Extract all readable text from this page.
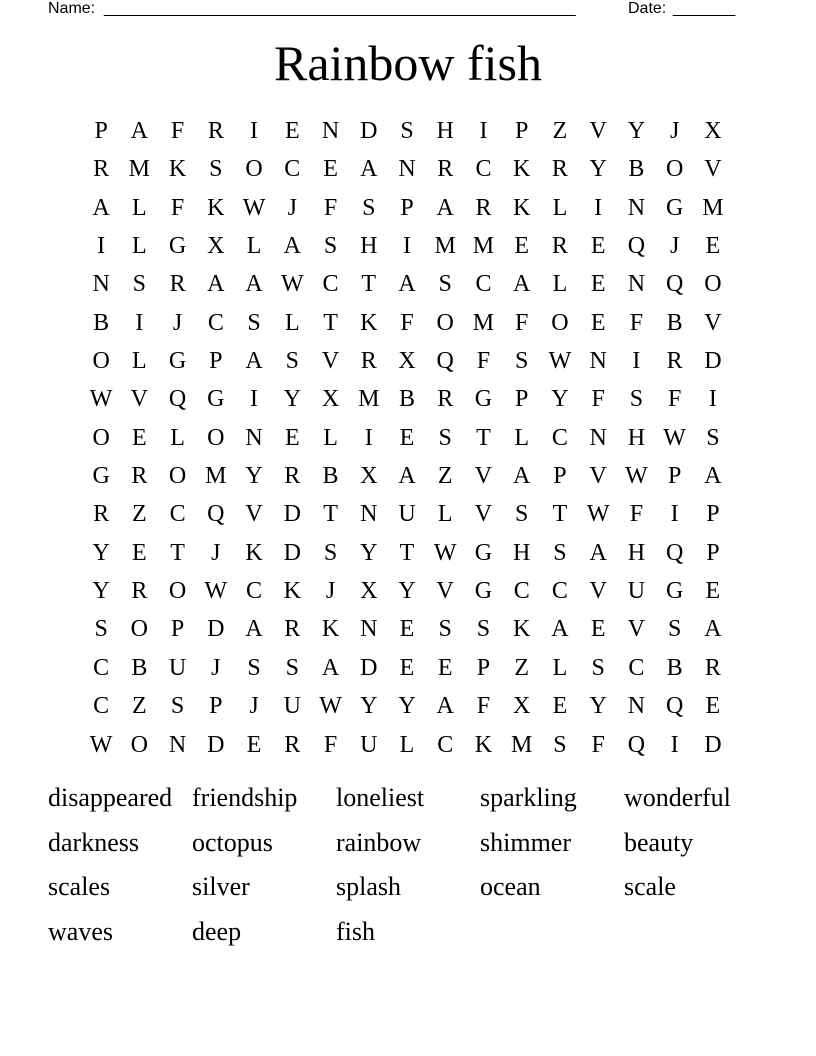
Name: _____________________________________________________	Date: _______
Rainbow fish
P A F R	I	E N D S H	I	P	Z V Y	J	X
R M K S O C E A N R C K R Y B O V
A L	F K W J	F	S	P A R K L	I	N G M
I	L G X L A S H	I M M E R E Q	J	E
N S R A A W C T A S C A L E N Q O
B	I	J	C S	L T K F O M F O E	F B V
O L G P A S V R X Q F	S W N	I	R D
W V Q G	I	Y X M B R G P Y F	S	F	I
O E L O N E L	I	E	S	T L C N H W S
G R O M Y R B X A Z V A P V W P A
R Z C Q V D T N U L V S	T W F	I	P
Y E T	J	K D S Y T W G H S A H Q P
Y R O W C K	J	X Y V G C C V U G E
S O P D A R K N E	S	S K A E V S A
C B U	J	S	S A D E E	P	Z L	S C B R
C Z	S	P	J	U W Y Y A F X E Y N Q E
W O N D E R F U L C K M S	F Q	I	D
disappeared friendship	loneliest	sparkling	wonderful
darkness	octopus	rainbow	shimmer	beauty
scales	silver	splash	ocean	scale
waves	deep	fish
